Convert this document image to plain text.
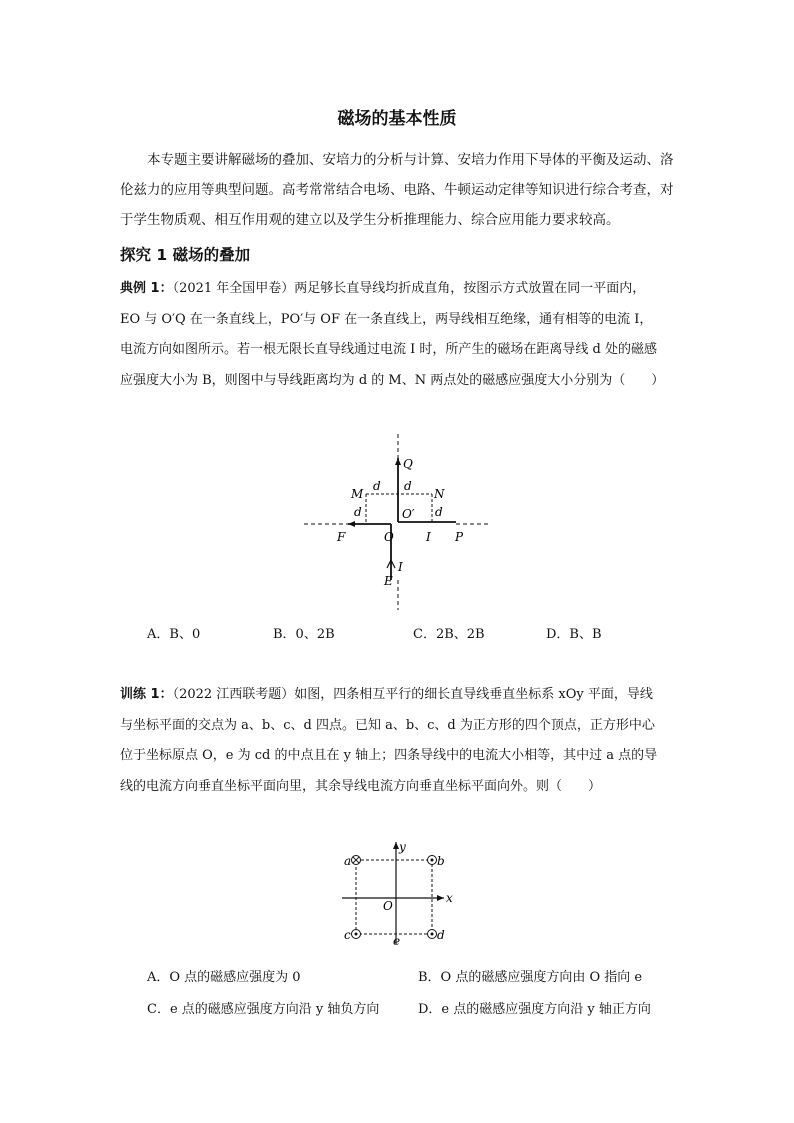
磁场的基本性质
本专题主要讲解磁场的叠加、安培力的分析与计算、安培力作用下导体的平衡及运动、洛伦兹力的应用等典型问题。高考常常结合电场、电路、牛顿运动定律等知识进行综合考查，对于学生物质观、相互作用观的建立以及学生分析推理能力、综合应用能力要求较高。
探究 1 磁场的叠加
典例 1：（2021 年全国甲卷）两足够长直导线均折成直角，按图示方式放置在同一平面内，EO 与 O′Q 在一条直线上，PO′与 OF 在一条直线上，两导线相互绝缘，通有相等的电流 I，电流方向如图所示。若一根无限长直导线通过电流 I 时，所产生的磁场在距离导线 d 处的磁感应强度大小为 B，则图中与导线距离均为 d 的 M、N 两点处的磁感应强度大小分别为（　　）
Q
M	N
d d
d	d
O′
F	O	I P
I
E
A．B、0	B．0、2B	C．2B、2B	D．B、B
训练 1：（2022 江西联考题）如图，四条相互平行的细长直导线垂直坐标系 xOy 平面，导线与坐标平面的交点为 a、b、c、d 四点。已知 a、b、c、d 为正方形的四个顶点，正方形中心位于坐标原点 O，e 为 cd 的中点且在 y 轴上；四条导线中的电流大小相等，其中过 a 点的导线的电流方向垂直坐标平面向里，其余导线电流方向垂直坐标平面向外。则（　　）
a	b
c	d
e
O
x
y
A．O 点的磁感应强度为 0	B．O 点的磁感应强度方向由 O 指向 e
C．e 点的磁感应强度方向沿 y 轴负方向	D．e 点的磁感应强度方向沿 y 轴正方向
